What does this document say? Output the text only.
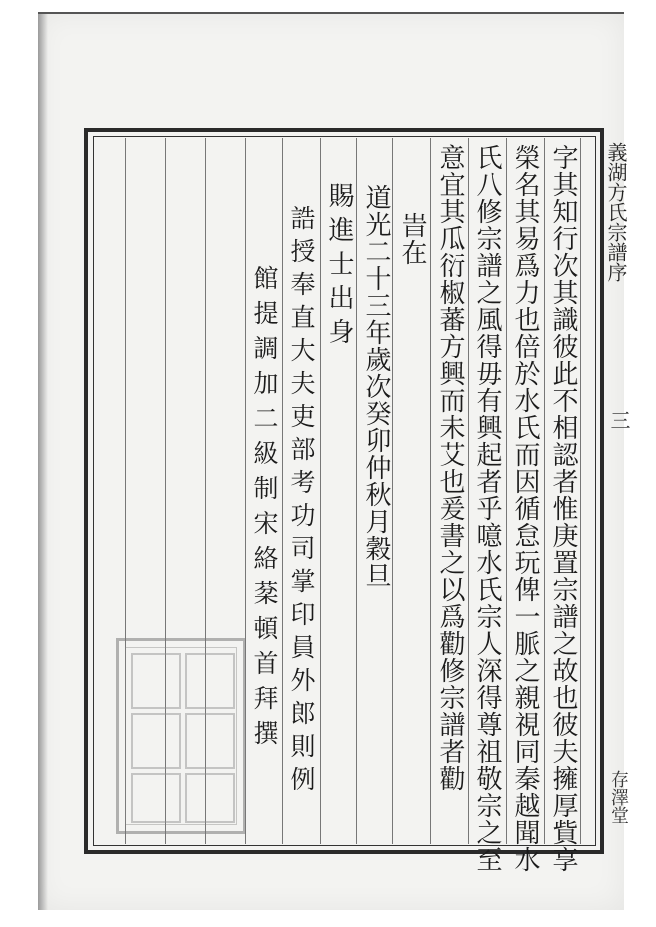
字其知行次其識彼此不相認者惟庚置宗譜之故也彼夫擁厚貲享
榮名其易爲力也倍於水氏而因循怠玩俾一脈之親視同秦越聞水
氏八修宗譜之風得毋有興起者乎噫水氏宗人深得尊祖敬宗之至
意宜其瓜衍椒蕃方興而未艾也爰書之以爲勸修宗譜者勸
旹在
道光二十三年歲次癸卯仲秋月穀旦
賜進士出身
誥授奉直大夫吏部考功司掌印員外郎則例
館提調加二級制宋絡棻頓首拜撰
義湖方氏宗譜序
三
存澤堂
